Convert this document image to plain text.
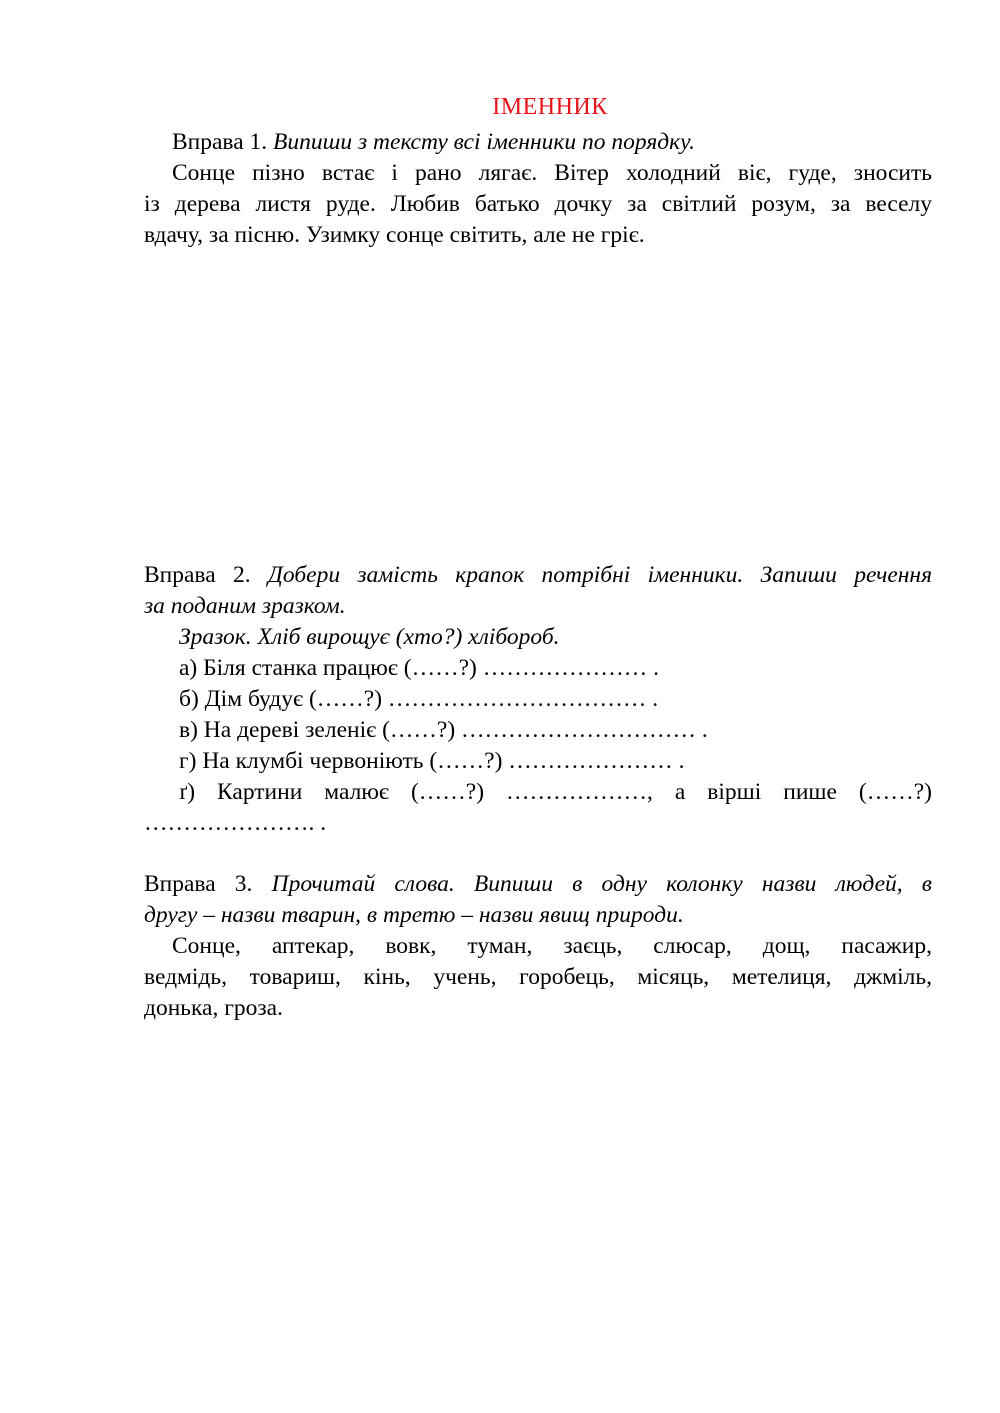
ІМЕННИК
Вправа 1. Випиши з тексту всі іменники по порядку.
Сонце пізно встає і рано лягає. Вітер холодний віє, гуде, зносить
із дерева листя руде. Любив батько дочку за світлий розум, за веселу
вдачу, за пісню. Узимку сонце світить, але не гріє.
Вправа 2. Добери замість крапок потрібні іменники. Запиши речення
за поданим зразком.
Зразок. Хліб вирощує (хто?) хлібороб.
а) Біля станка працює (……?) ………………… .
б) Дім будує (……?) …………………………… .
в) На дереві зеленіє (……?) ………………………… .
г) На клумбі червоніють (……?) ………………… .
ґ) Картини малює (……?) ………………, а вірші пише (……?)
…………………. .
Вправа 3. Прочитай слова. Випиши в одну колонку назви людей, в
другу – назви тварин, в третю – назви явищ природи.
Сонце, аптекар, вовк, туман, заєць, слюсар, дощ, пасажир,
ведмідь, товариш, кінь, учень, горобець, місяць, метелиця, джміль,
донька, гроза.
